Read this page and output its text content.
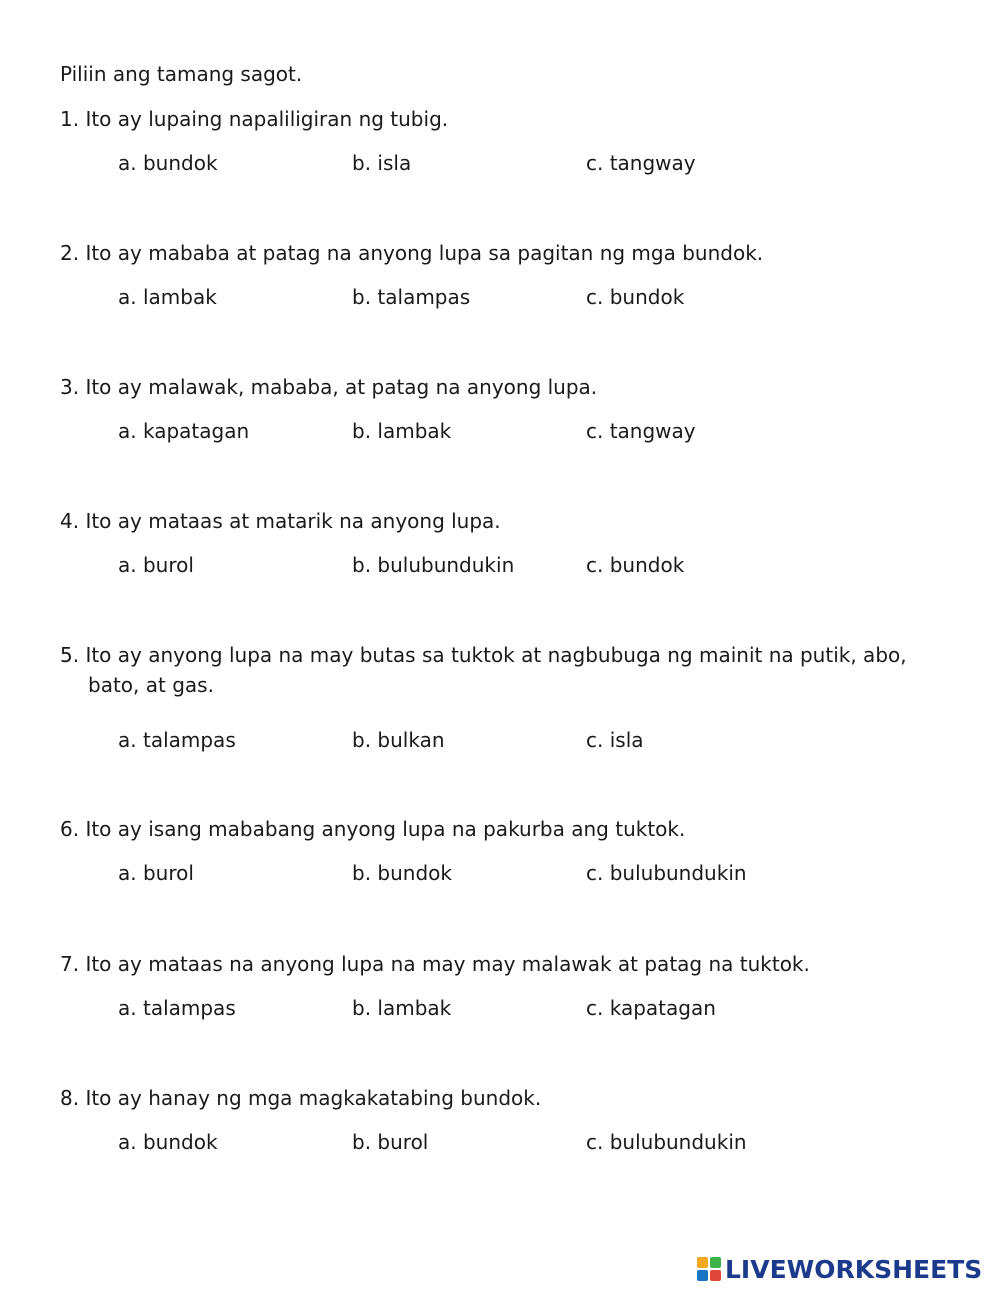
Piliin ang tamang sagot.

1. Ito ay lupaing napaliligiran ng tubig.

a. bundok	b. isla	c. tangway

2. Ito ay mababa at patag na anyong lupa sa pagitan ng mga bundok.

a. lambak	b. talampas	c. bundok

3. Ito ay malawak, mababa, at patag na anyong lupa.

a. kapatagan	b. lambak	c. tangway

4. Ito ay mataas at matarik na anyong lupa.

a. burol	b. bulubundukin	c. bundok

5. Ito ay anyong lupa na may butas sa tuktok at nagbubuga ng mainit na putik, abo, bato, at gas.

a. talampas	b. bulkan	c. isla

6. Ito ay isang mababang anyong lupa na pakurba ang tuktok.

a. burol	b. bundok	c. bulubundukin

7. Ito ay mataas na anyong lupa na may may malawak at patag na tuktok.

a. talampas	b. lambak	c. kapatagan

8. Ito ay hanay ng mga magkakatabing bundok.

a. bundok	b. burol	c. bulubundukin
LIVEWORKSHEETS
